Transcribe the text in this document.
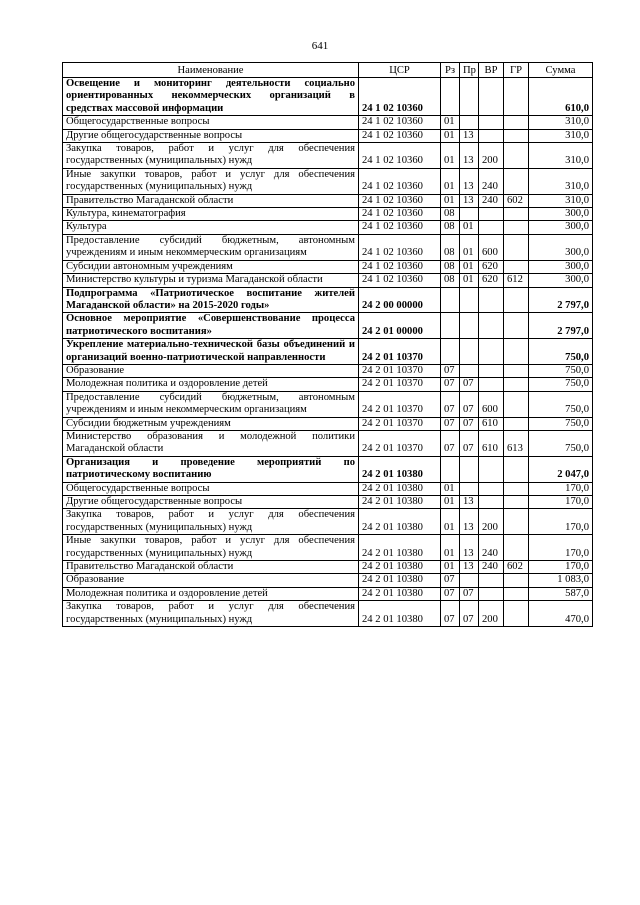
641
Наименование	ЦСР	Рз	Пр	ВР	ГР	Сумма
Освещение и мониторинг деятельности социально ориентированных некоммерческих организаций в средствах массовой информации	24 1 02 10360					610,0
Общегосударственные вопросы	24 1 02 10360	01				310,0
Другие общегосударственные вопросы	24 1 02 10360	01	13			310,0
Закупка товаров, работ и услуг для обеспечения государственных (муниципальных) нужд	24 1 02 10360	01	13	200		310,0
Иные закупки товаров, работ и услуг для обеспечения государственных (муниципальных) нужд	24 1 02 10360	01	13	240		310,0
Правительство Магаданской области	24 1 02 10360	01	13	240	602	310,0
Культура, кинематография	24 1 02 10360	08				300,0
Культура	24 1 02 10360	08	01			300,0
Предоставление субсидий бюджетным, автономным учреждениям и иным некоммерческим организациям	24 1 02 10360	08	01	600		300,0
Субсидии автономным учреждениям	24 1 02 10360	08	01	620		300,0
Министерство культуры и туризма Магаданской области	24 1 02 10360	08	01	620	612	300,0
Подпрограмма «Патриотическое воспитание жителей Магаданской области» на 2015-2020 годы»	24 2 00 00000					2 797,0
Основное мероприятие «Совершенствование процесса патриотического воспитания»	24 2 01 00000					2 797,0
Укрепление материально-технической базы объединений и организаций военно-патриотической направленности	24 2 01 10370					750,0
Образование	24 2 01 10370	07				750,0
Молодежная политика и оздоровление детей	24 2 01 10370	07	07			750,0
Предоставление субсидий бюджетным, автономным учреждениям и иным некоммерческим организациям	24 2 01 10370	07	07	600		750,0
Субсидии бюджетным учреждениям	24 2 01 10370	07	07	610		750,0
Министерство образования и молодежной политики Магаданской области	24 2 01 10370	07	07	610	613	750,0
Организация и проведение мероприятий по патриотическому воспитанию	24 2 01 10380					2 047,0
Общегосударственные вопросы	24 2 01 10380	01				170,0
Другие общегосударственные вопросы	24 2 01 10380	01	13			170,0
Закупка товаров, работ и услуг для обеспечения государственных (муниципальных) нужд	24 2 01 10380	01	13	200		170,0
Иные закупки товаров, работ и услуг для обеспечения государственных (муниципальных) нужд	24 2 01 10380	01	13	240		170,0
Правительство Магаданской области	24 2 01 10380	01	13	240	602	170,0
Образование	24 2 01 10380	07				1 083,0
Молодежная политика и оздоровление детей	24 2 01 10380	07	07			587,0
Закупка товаров, работ и услуг для обеспечения государственных (муниципальных) нужд	24 2 01 10380	07	07	200		470,0
